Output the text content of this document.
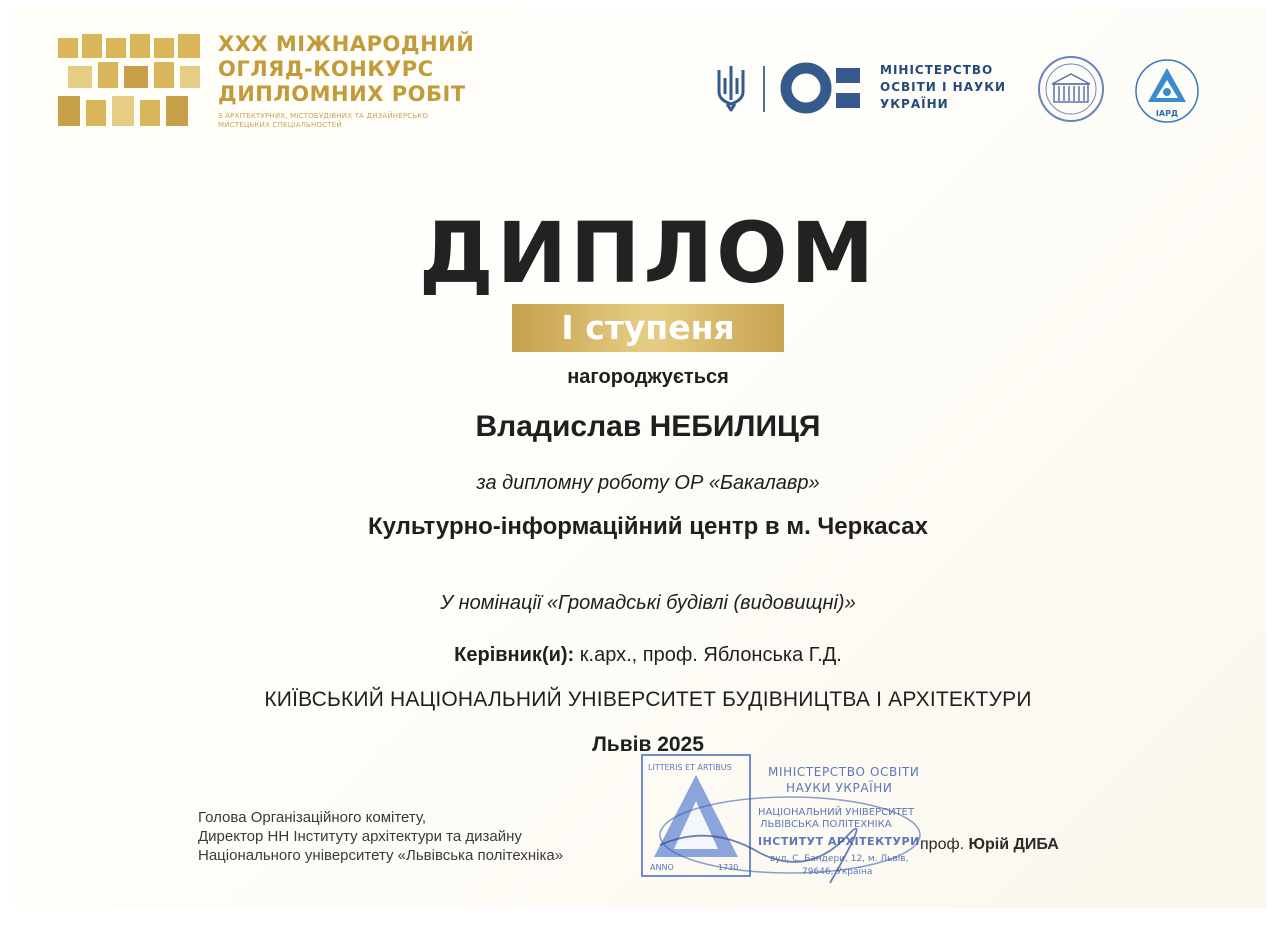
XXX МІЖНАРОДНИЙ
ОГЛЯД-КОНКУРС
ДИПЛОМНИХ РОБІТ
З АРХІТЕКТУРНИХ, МІСТОБУДІВНИХ ТА ДИЗАЙНЕРСЬКО
МИСТЕЦЬКИХ СПЕЦІАЛЬНОСТЕЙ
МІНІСТЕРСТВО
ОСВІТИ І НАУКИ
УКРАЇНИ
ІАРД
ДИПЛОМ
І ступеня
нагороджується
Владислав НЕБИЛИЦЯ
за дипломну роботу ОР «Бакалавр»
Культурно-інформаційний центр в м. Черкасах
У номінації «Громадські будівлі (видовищні)»
Керівник(и): к.арх., проф. Яблонська Г.Д.
КИЇВСЬКИЙ НАЦІОНАЛЬНИЙ УНІВЕРСИТЕТ БУДІВНИЦТВА І АРХІТЕКТУРИ
Львів 2025
Голова Організаційного комітету,
Директор НН Інституту архітектури та дизайну
Національного університету «Львівська політехніка»
LITTERIS ET ARTIBUS
ANNO	1730
МІНІСТЕРСТВО ОСВІТИ
НАУКИ УКРАЇНИ
НАЦІОНАЛЬНИЙ УНІВЕРСИТЕТ
ЛЬВІВСЬКА ПОЛІТЕХНІКА
ІНСТИТУТ АРХІТЕКТУРИ
вул. С. Бандери, 12, м. Львів,
79646, Україна
проф. Юрій ДИБА
